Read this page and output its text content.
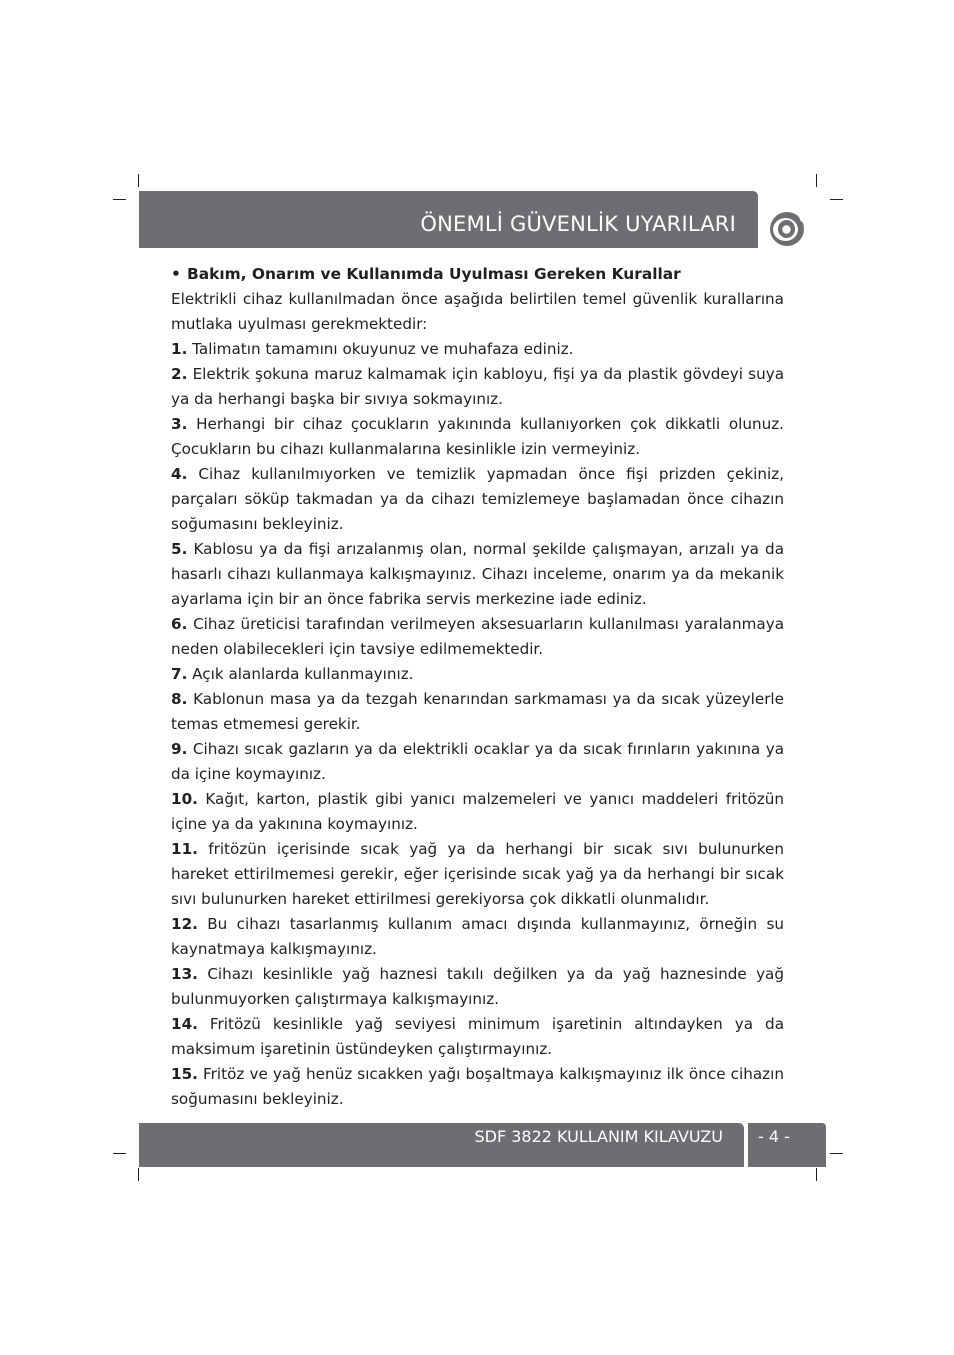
ÖNEMLİ GÜVENLİK UYARILARI

• Bakım, Onarım ve Kullanımda Uyulması Gereken Kurallar

Elektrikli cihaz kullanılmadan önce aşağıda belirtilen temel güvenlik kurallarına mutlaka uyulması gerekmektedir:

1. Talimatın tamamını okuyunuz ve muhafaza ediniz.

2. Elektrik şokuna maruz kalmamak için kabloyu, fişi ya da plastik gövdeyi suya ya da herhangi başka bir sıvıya sokmayınız.

3. Herhangi bir cihaz çocukların yakınında kullanıyorken çok dikkatli olunuz. Çocukların bu cihazı kullanmalarına kesinlikle izin vermeyiniz.

4. Cihaz kullanılmıyorken ve temizlik yapmadan önce fişi prizden çekiniz, parçaları söküp takmadan ya da cihazı temizlemeye başlamadan önce cihazın soğumasını bekleyiniz.

5. Kablosu ya da fişi arızalanmış olan, normal şekilde çalışmayan, arızalı ya da hasarlı cihazı kullanmaya kalkışmayınız. Cihazı inceleme, onarım ya da mekanik ayarlama için bir an önce fabrika servis merkezine iade ediniz.

6. Cihaz üreticisi tarafından verilmeyen aksesuarların kullanılması yaralanmaya neden olabilecekleri için tavsiye edilmemektedir.

7. Açık alanlarda kullanmayınız.

8. Kablonun masa ya da tezgah kenarından sarkmaması ya da sıcak yüzeylerle temas etmemesi gerekir.

9. Cihazı sıcak gazların ya da elektrikli ocaklar ya da sıcak fırınların yakınına ya da içine koymayınız.

10. Kağıt, karton, plastik gibi yanıcı malzemeleri ve yanıcı maddeleri fritözün içine ya da yakınına koymayınız.

11. fritözün içerisinde sıcak yağ ya da herhangi bir sıcak sıvı bulunurken hareket ettirilmemesi gerekir, eğer içerisinde sıcak yağ ya da herhangi bir sıcak sıvı bulunurken hareket ettirilmesi gerekiyorsa çok dikkatli olunmalıdır.

12. Bu cihazı tasarlanmış kullanım amacı dışında kullanmayınız, örneğin su kaynatmaya kalkışmayınız.

13. Cihazı kesinlikle yağ haznesi takılı değilken ya da yağ haznesinde yağ bulunmuyorken çalıştırmaya kalkışmayınız.

14. Fritözü kesinlikle yağ seviyesi minimum işaretinin altındayken ya da maksimum işaretinin üstündeyken çalıştırmayınız.

15. Fritöz ve yağ henüz sıcakken yağı boşaltmaya kalkışmayınız ilk önce cihazın soğumasını bekleyiniz.

SDF 3822 KULLANIM KILAVUZU - 4 -
